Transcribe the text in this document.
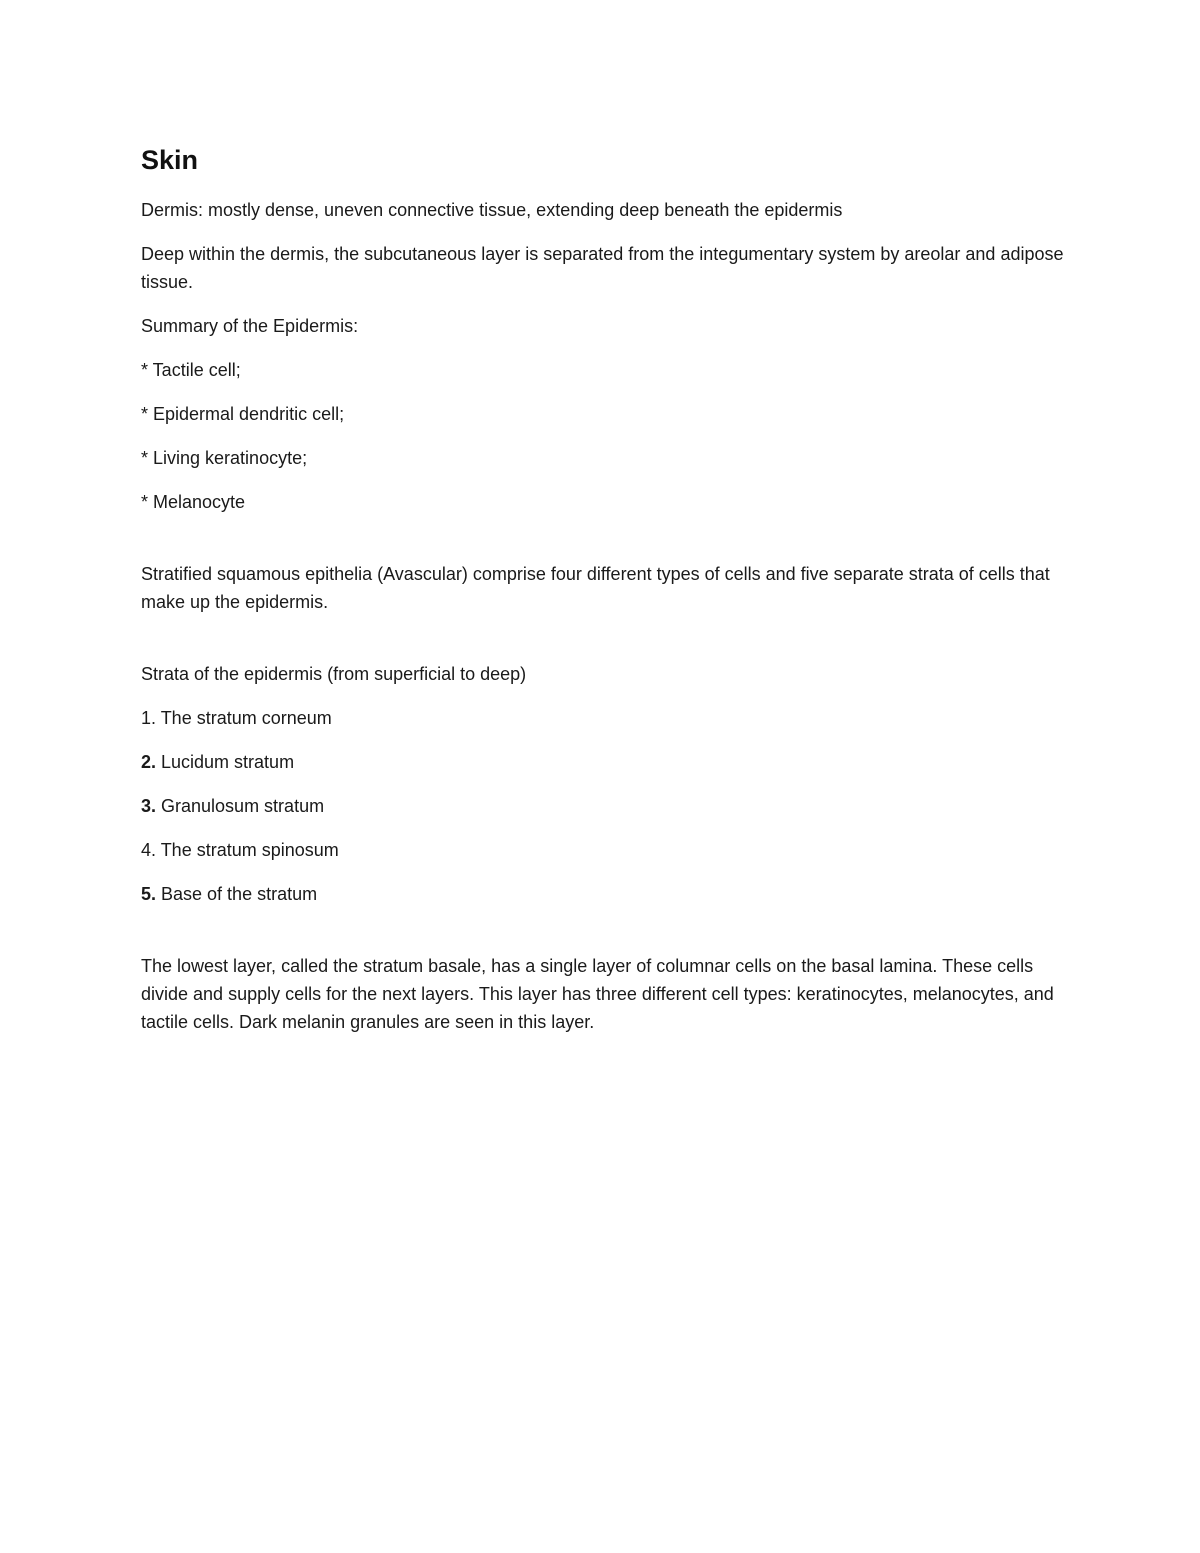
Skin
Dermis: mostly dense, uneven connective tissue, extending deep beneath the epidermis
Deep within the dermis, the subcutaneous layer is separated from the integumentary system by areolar and adipose tissue.
Summary of the Epidermis:
* Tactile cell;
* Epidermal dendritic cell;
* Living keratinocyte;
* Melanocyte
Stratified squamous epithelia (Avascular) comprise four different types of cells and five separate strata of cells that make up the epidermis.
Strata of the epidermis (from superficial to deep)
1. The stratum corneum
2. Lucidum stratum
3. Granulosum stratum
4. The stratum spinosum
5. Base of the stratum
The lowest layer, called the stratum basale, has a single layer of columnar cells on the basal lamina. These cells divide and supply cells for the next layers. This layer has three different cell types: keratinocytes, melanocytes, and tactile cells. Dark melanin granules are seen in this layer.
